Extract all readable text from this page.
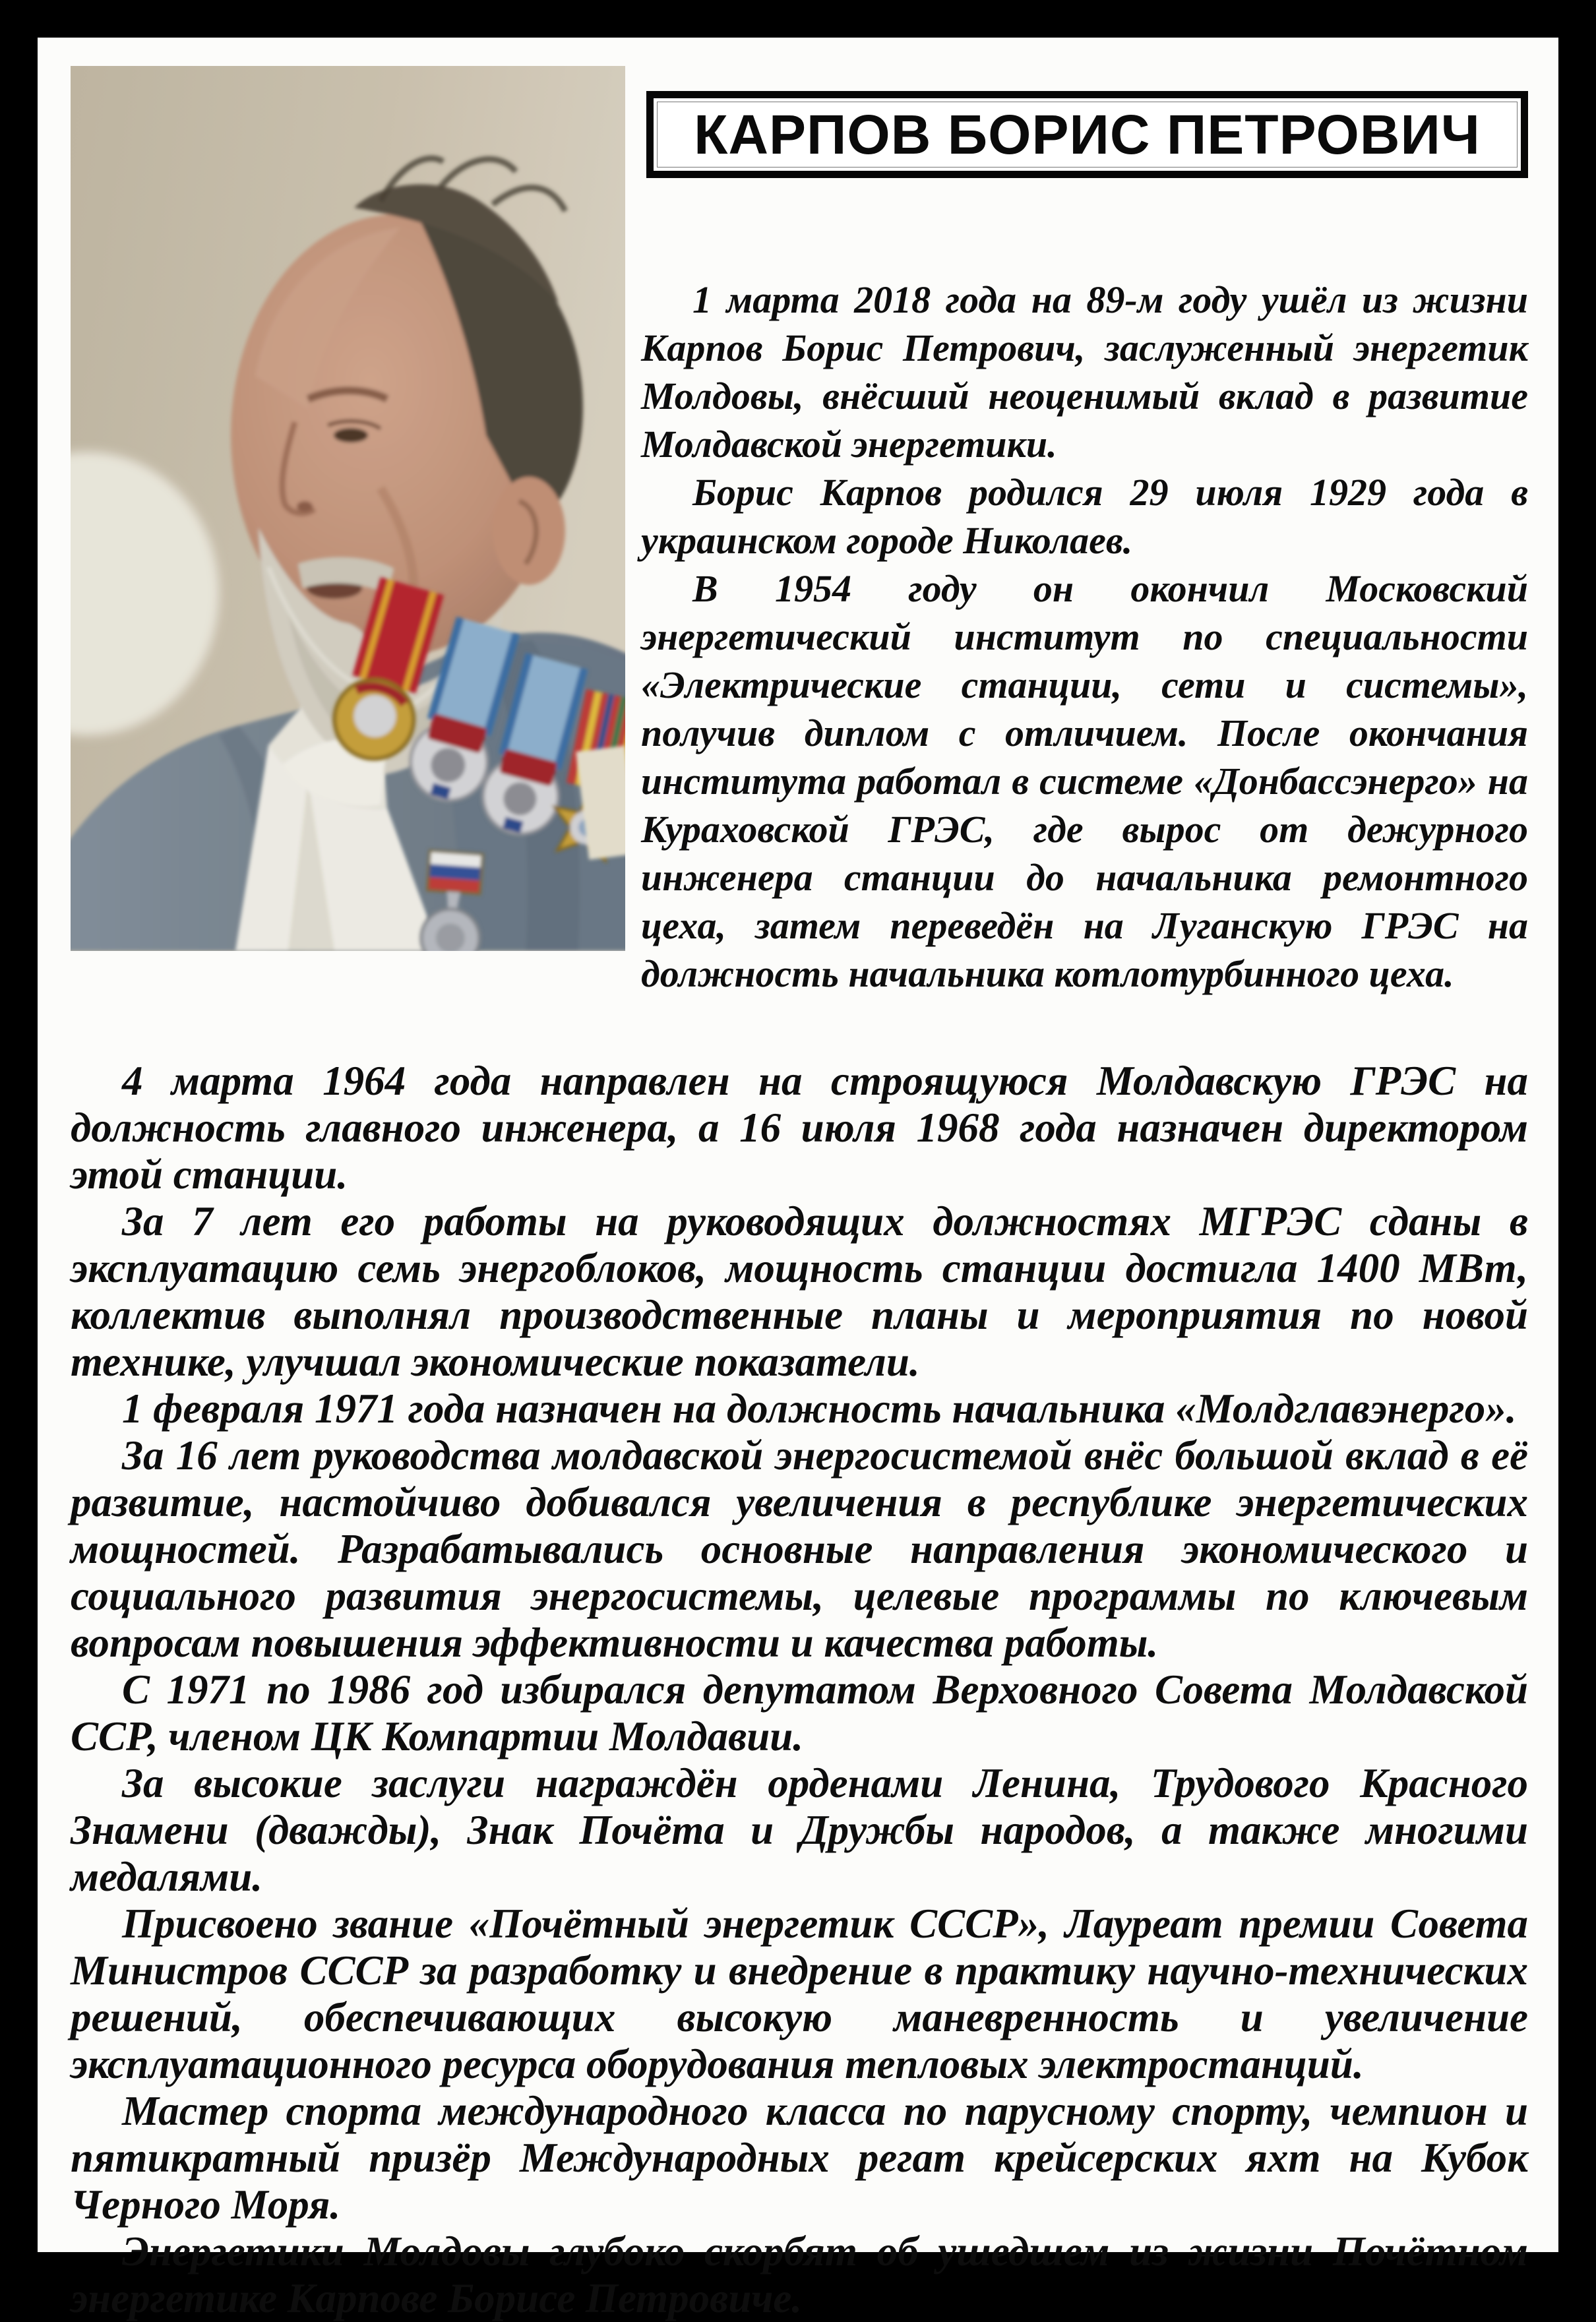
КАРПОВ БОРИС ПЕТРОВИЧ

1 марта 2018 года на 89-м году ушёл из жизни Карпов Борис Петрович, заслуженный энергетик Молдовы, внёсший неоценимый вклад в развитие Молдавской энергетики.

Борис Карпов родился 29 июля 1929 года в украинском городе Николаев.

В 1954 году он окончил Московский энергетический институт по специальности «Электрические станции, сети и системы», получив диплом с отличием. После окончания института работал в системе «Донбассэнерго» на Кураховской ГРЭС, где вырос от дежурного инженера станции до начальника ремонтного цеха, затем переведён на Луганскую ГРЭС на должность начальника котлотурбинного цеха.

4 марта 1964 года направлен на строящуюся Молдавскую ГРЭС на должность главного инженера, а 16 июля 1968 года назначен директором этой станции.

За 7 лет его работы на руководящих должностях МГРЭС сданы в эксплуатацию семь энергоблоков, мощность станции достигла 1400 МВт, коллектив выполнял производственные планы и мероприятия по новой технике, улучшал экономические показатели.

1 февраля 1971 года назначен на должность начальника «Молдглавэнерго».

За 16 лет руководства молдавской энергосистемой внёс большой вклад в её развитие, настойчиво добивался увеличения в республике энергетических мощностей. Разрабатывались основные направления экономического и социального развития энергосистемы, целевые программы по ключевым вопросам повышения эффективности и качества работы.

С 1971 по 1986 год избирался депутатом Верховного Совета Молдавской ССР, членом ЦК Компартии Молдавии.

За высокие заслуги награждён орденами Ленина, Трудового Красного Знамени (дважды), Знак Почёта и Дружбы народов, а также многими медалями.

Присвоено звание «Почётный энергетик СССР», Лауреат премии Совета Министров СССР за разработку и внедрение в практику научно-технических решений, обеспечивающих высокую маневренность и увеличение эксплуатационного ресурса оборудования тепловых электростанций.

Мастер спорта международного класса по парусному спорту, чемпион и пятикратный призёр Международных регат крейсерских яхт на Кубок Черного Моря.

Энергетики Молдовы глубоко скорбят об ушедшем из жизни Почётном энергетике Карпове Борисе Петровиче.
